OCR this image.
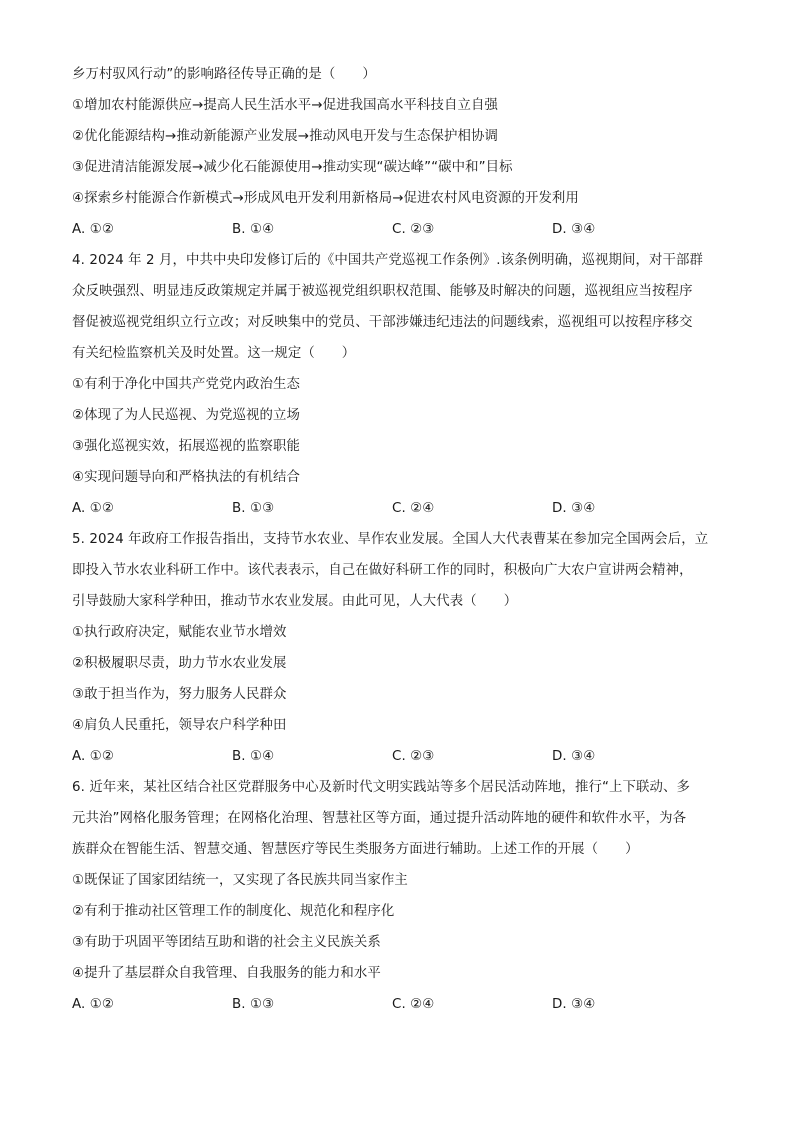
乡万村驭风行动”的影响路径传导正确的是（　　）
①增加农村能源供应→提高人民生活水平→促进我国高水平科技自立自强
②优化能源结构→推动新能源产业发展→推动风电开发与生态保护相协调
③促进清洁能源发展→减少化石能源使用→推动实现“碳达峰”“碳中和”目标
④探索乡村能源合作新模式→形成风电开发利用新格局→促进农村风电资源的开发利用
A. ①②	B. ①④	C. ②③	D. ③④
4. 2024 年 2 月，中共中央印发修订后的《中国共产党巡视工作条例》.该条例明确，巡视期间，对干部群
众反映强烈、明显违反政策规定并属于被巡视党组织职权范围、能够及时解决的问题，巡视组应当按程序
督促被巡视党组织立行立改；对反映集中的党员、干部涉嫌违纪违法的问题线索，巡视组可以按程序移交
有关纪检监察机关及时处置。这一规定（　　）
①有利于净化中国共产党党内政治生态
②体现了为人民巡视、为党巡视的立场
③强化巡视实效，拓展巡视的监察职能
④实现问题导向和严格执法的有机结合
A. ①②	B. ①③	C. ②④	D. ③④
5. 2024 年政府工作报告指出，支持节水农业、旱作农业发展。全国人大代表曹某在参加完全国两会后，立
即投入节水农业科研工作中。该代表表示，自己在做好科研工作的同时，积极向广大农户宣讲两会精神，
引导鼓励大家科学种田，推动节水农业发展。由此可见，人大代表（　　）
①执行政府决定，赋能农业节水增效
②积极履职尽责，助力节水农业发展
③敢于担当作为，努力服务人民群众
④肩负人民重托，领导农户科学种田
A. ①②	B. ①④	C. ②③	D. ③④
6. 近年来，某社区结合社区党群服务中心及新时代文明实践站等多个居民活动阵地，推行“上下联动、多
元共治”网格化服务管理；在网格化治理、智慧社区等方面，通过提升活动阵地的硬件和软件水平，为各
族群众在智能生活、智慧交通、智慧医疗等民生类服务方面进行辅助。上述工作的开展（　　）
①既保证了国家团结统一，又实现了各民族共同当家作主
②有利于推动社区管理工作的制度化、规范化和程序化
③有助于巩固平等团结互助和谐的社会主义民族关系
④提升了基层群众自我管理、自我服务的能力和水平
A. ①②	B. ①③	C. ②④	D. ③④
